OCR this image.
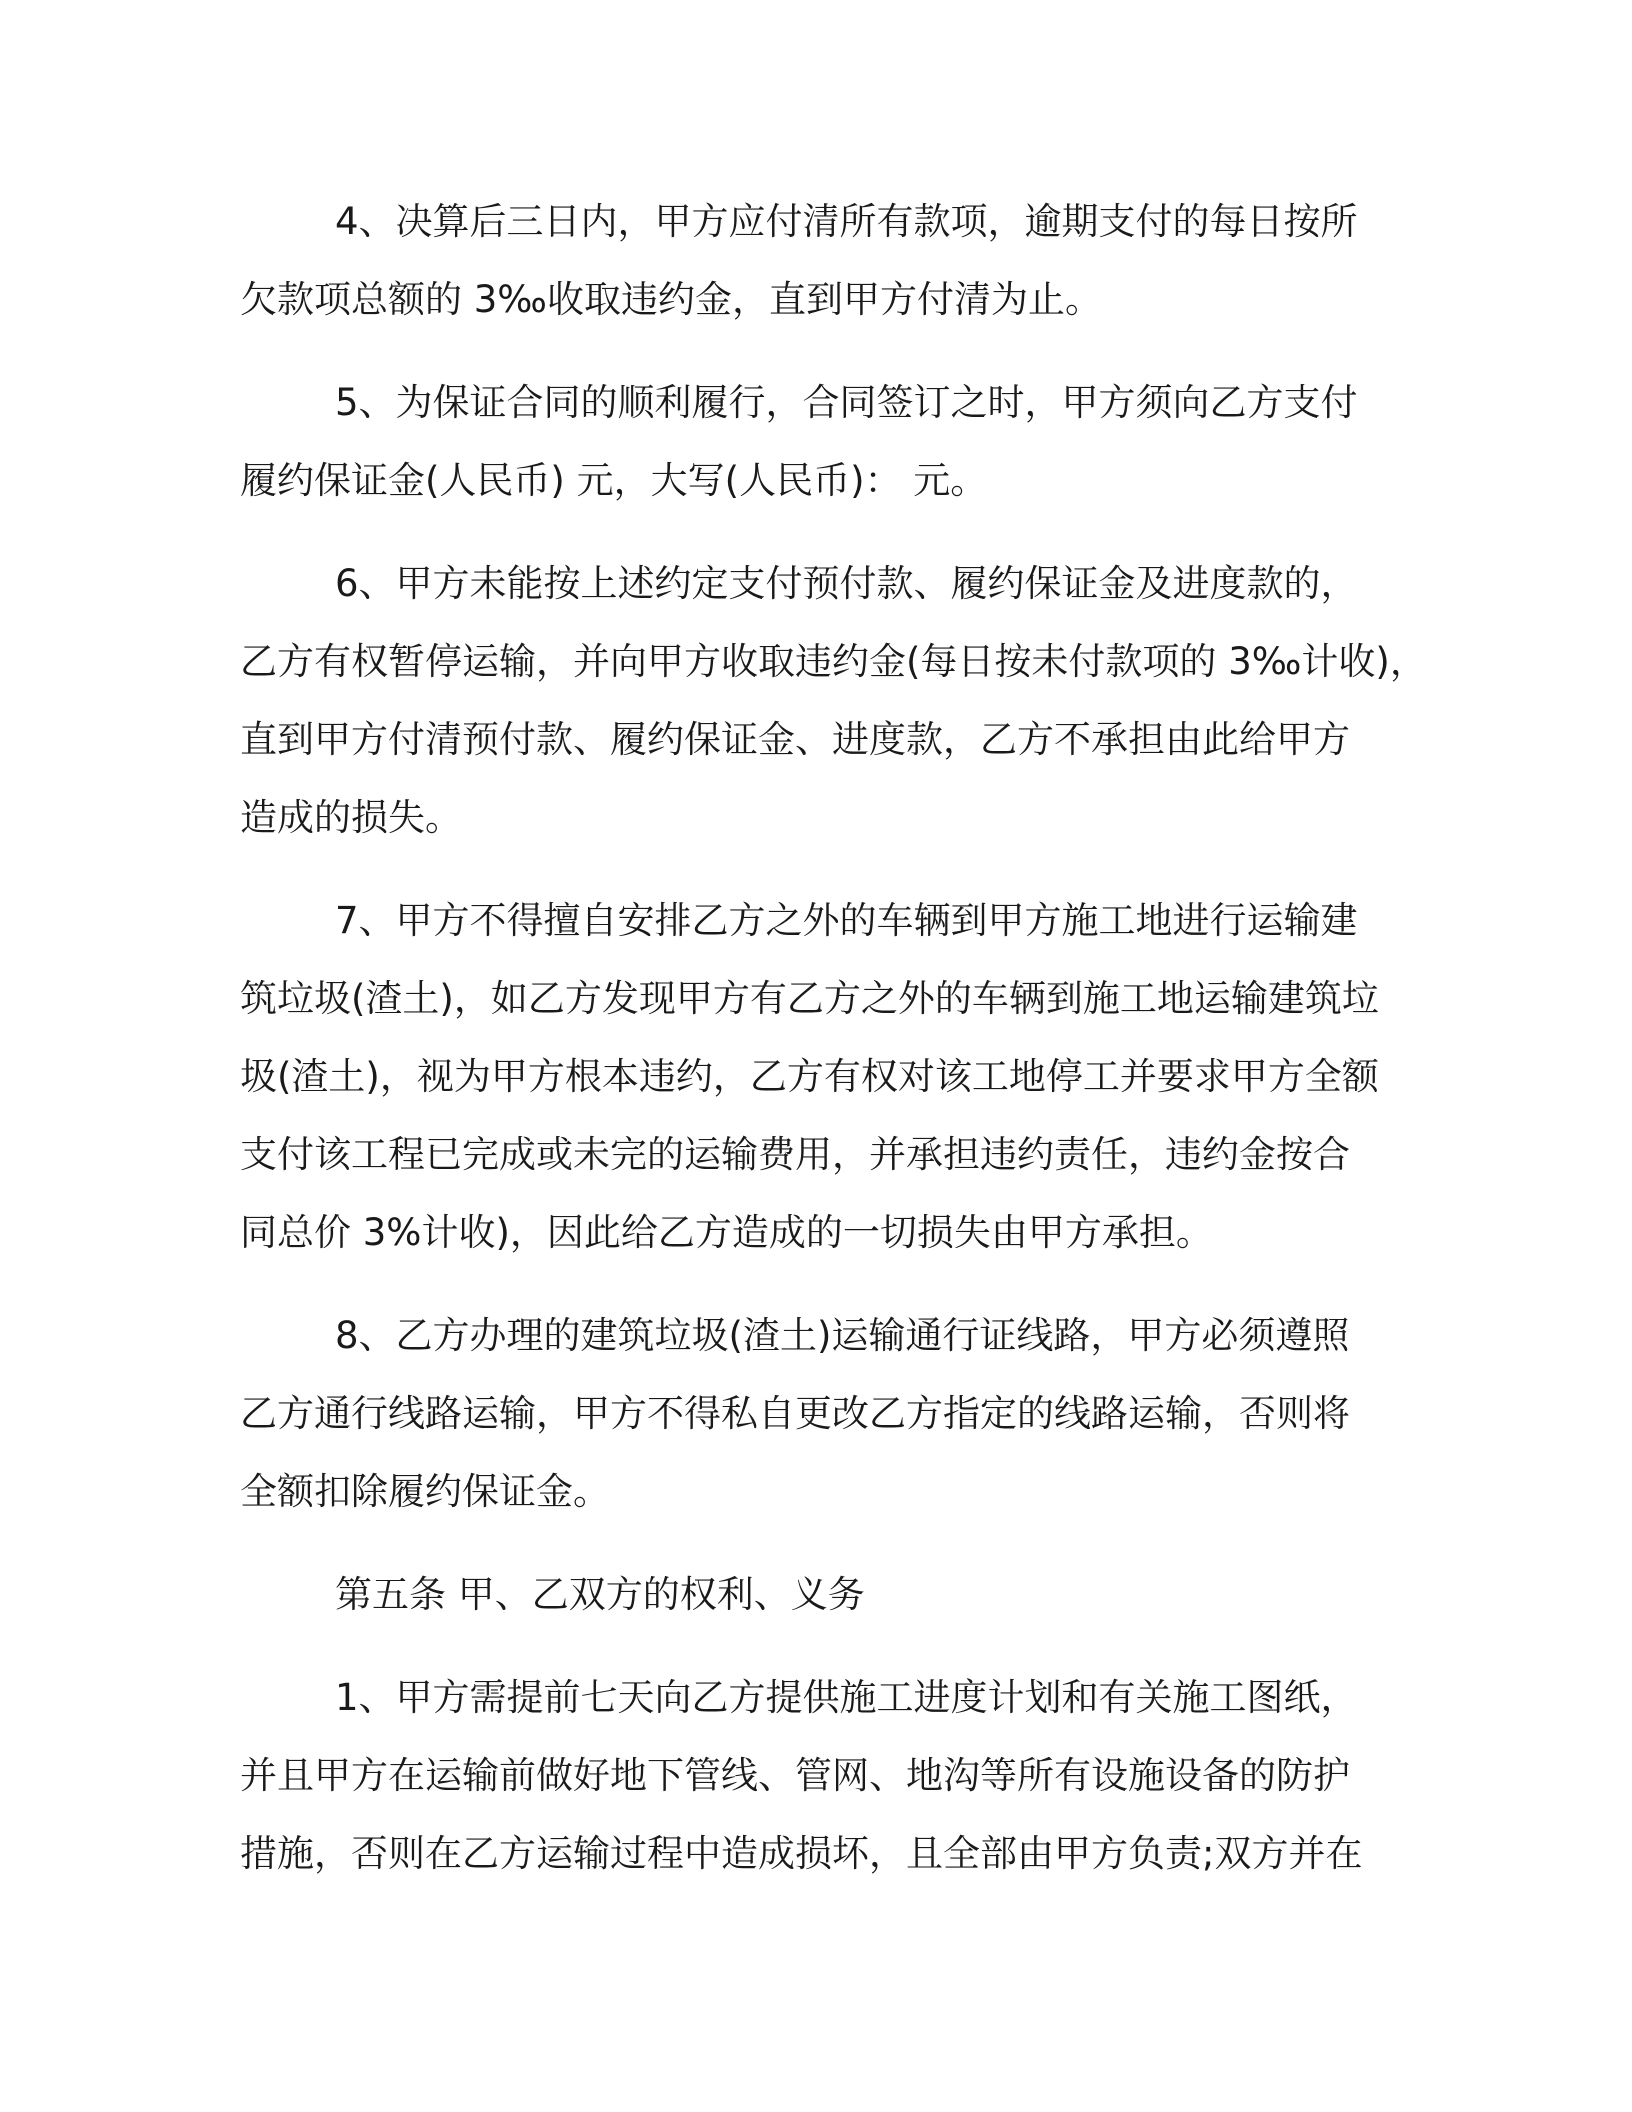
4、决算后三日内，甲方应付清所有款项，逾期支付的每日按所
欠款项总额的 3‰收取违约金，直到甲方付清为止。
5、为保证合同的顺利履行，合同签订之时，甲方须向乙方支付
履约保证金(人民币) 元，大写(人民币)： 元。
6、甲方未能按上述约定支付预付款、履约保证金及进度款的，
乙方有权暂停运输，并向甲方收取违约金(每日按未付款项的 3‰计收)，
直到甲方付清预付款、履约保证金、进度款，乙方不承担由此给甲方
造成的损失。
7、甲方不得擅自安排乙方之外的车辆到甲方施工地进行运输建
筑垃圾(渣土)，如乙方发现甲方有乙方之外的车辆到施工地运输建筑垃
圾(渣土)，视为甲方根本违约，乙方有权对该工地停工并要求甲方全额
支付该工程已完成或未完的运输费用，并承担违约责任，违约金按合
同总价 3%计收)，因此给乙方造成的一切损失由甲方承担。
8、乙方办理的建筑垃圾(渣土)运输通行证线路，甲方必须遵照
乙方通行线路运输，甲方不得私自更改乙方指定的线路运输，否则将
全额扣除履约保证金。
第五条 甲、乙双方的权利、义务
1、甲方需提前七天向乙方提供施工进度计划和有关施工图纸，
并且甲方在运输前做好地下管线、管网、地沟等所有设施设备的防护
措施，否则在乙方运输过程中造成损坏，且全部由甲方负责;双方并在
